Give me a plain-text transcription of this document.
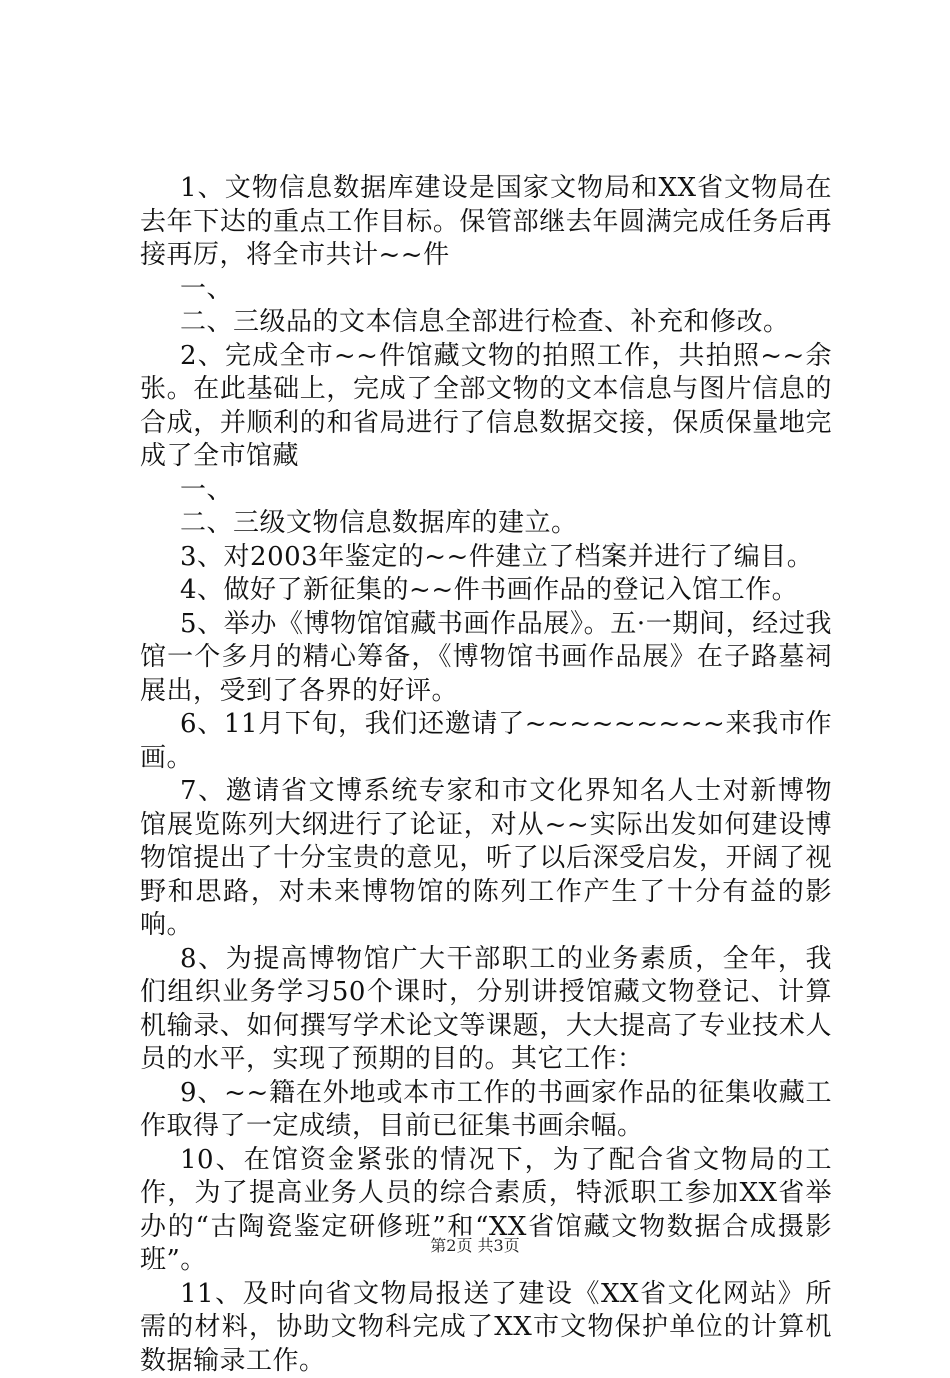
1、文物信息数据库建设是国家文物局和XX省文物局在去年下达的重点工作目标。保管部继去年圆满完成任务后再接再厉，将全市共计~~件

一、

二、三级品的文本信息全部进行检查、补充和修改。

2、完成全市~~件馆藏文物的拍照工作，共拍照~~余张。在此基础上，完成了全部文物的文本信息与图片信息的合成，并顺利的和省局进行了信息数据交接，保质保量地完成了全市馆藏

一、

二、三级文物信息数据库的建立。

3、对2003年鉴定的~~件建立了档案并进行了编目。

4、做好了新征集的~~件书画作品的登记入馆工作。

5、举办《博物馆馆藏书画作品展》。五·一期间，经过我馆一个多月的精心筹备，《博物馆书画作品展》在子路墓祠展出，受到了各界的好评。

6、11月下旬，我们还邀请了~~~~~~~~~来我市作画。

7、邀请省文博系统专家和市文化界知名人士对新博物馆展览陈列大纲进行了论证，对从~~实际出发如何建设博物馆提出了十分宝贵的意见，听了以后深受启发，开阔了视野和思路，对未来博物馆的陈列工作产生了十分有益的影响。

8、为提高博物馆广大干部职工的业务素质，全年，我们组织业务学习50个课时，分别讲授馆藏文物登记、计算机输录、如何撰写学术论文等课题，大大提高了专业技术人员的水平，实现了预期的目的。其它工作：

9、~~籍在外地或本市工作的书画家作品的征集收藏工作取得了一定成绩，目前已征集书画余幅。

10、在馆资金紧张的情况下，为了配合省文物局的工作，为了提高业务人员的综合素质，特派职工参加XX省举办的“古陶瓷鉴定研修班”和“XX省馆藏文物数据合成摄影班”。

11、及时向省文物局报送了建设《XX省文化网站》所需的材料，协助文物科完成了XX市文物保护单位的计算机数据输录工作。

第2页 共3页
